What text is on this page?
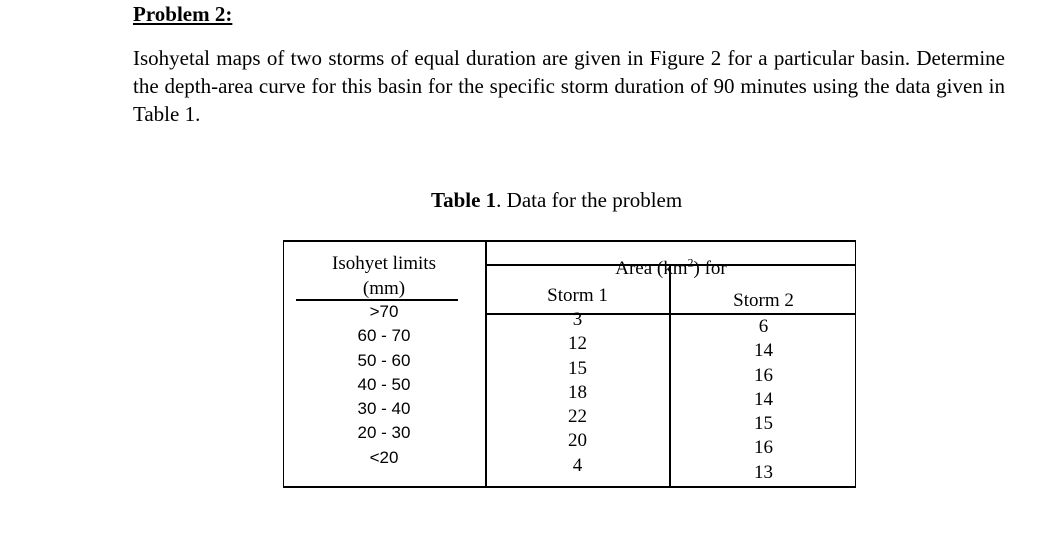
Problem 2:

Isohyetal maps of two storms of equal duration are given in Figure 2 for a particular basin. Determine the depth-area curve for this basin for the specific storm duration of 90 minutes using the data given in Table 1.

Table 1. Data for the problem

Isohyet limits
(mm)
Area $(km^2)$ for
Storm 1	Storm 2
>70
60 - 70
50 - 60
40 - 50
30 - 40
20 - 30
<20
3
12
15
18
22
20
4
6
14
16
14
15
16
13
